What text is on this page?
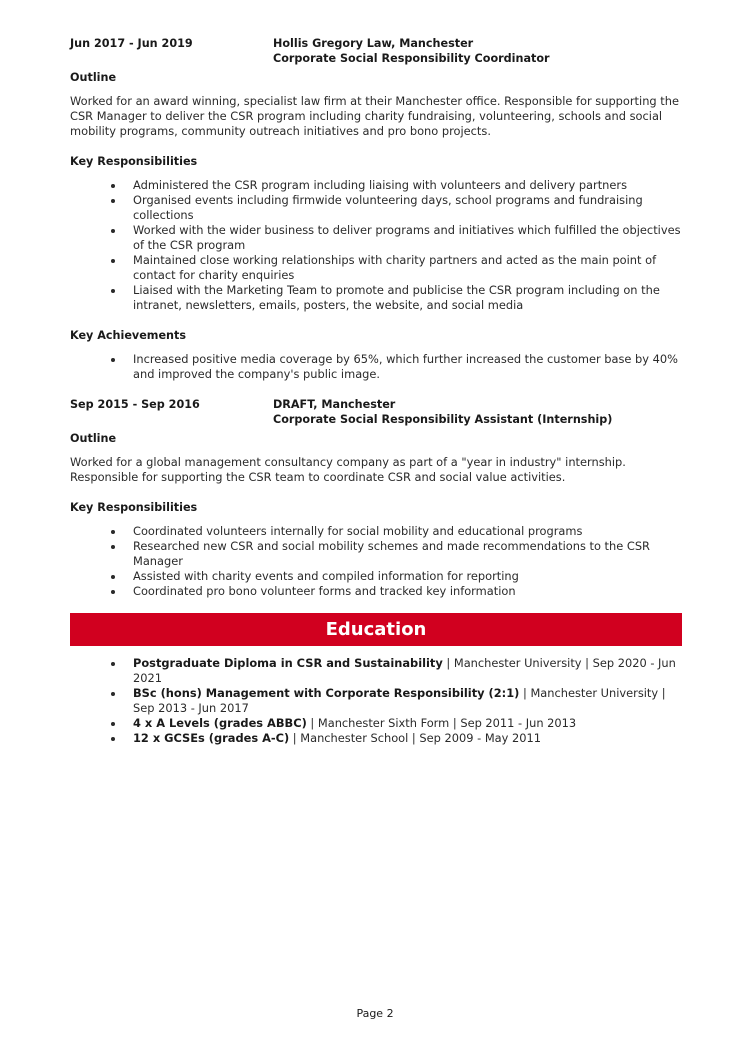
Jun 2017 - Jun 2019	Hollis Gregory Law, Manchester
Corporate Social Responsibility Coordinator
Outline

Worked for an award winning, specialist law firm at their Manchester office. Responsible for supporting the CSR Manager to deliver the CSR program including charity fundraising, volunteering, schools and social mobility programs, community outreach initiatives and pro bono projects.

Key Responsibilities
Administered the CSR program including liaising with volunteers and delivery partners
Organised events including firmwide volunteering days, school programs and fundraising collections
Worked with the wider business to deliver programs and initiatives which fulfilled the objectives of the CSR program
Maintained close working relationships with charity partners and acted as the main point of contact for charity enquiries
Liaised with the Marketing Team to promote and publicise the CSR program including on the intranet, newsletters, emails, posters, the website, and social media
Key Achievements
Increased positive media coverage by 65%, which further increased the customer base by 40% and improved the company's public image.
Sep 2015 - Sep 2016	DRAFT, Manchester
Corporate Social Responsibility Assistant (Internship)
Outline

Worked for a global management consultancy company as part of a "year in industry" internship. Responsible for supporting the CSR team to coordinate CSR and social value activities.

Key Responsibilities
Coordinated volunteers internally for social mobility and educational programs
Researched new CSR and social mobility schemes and made recommendations to the CSR Manager
Assisted with charity events and compiled information for reporting
Coordinated pro bono volunteer forms and tracked key information
Education
Postgraduate Diploma in CSR and Sustainability | Manchester University | Sep 2020 - Jun 2021
BSc (hons) Management with Corporate Responsibility (2:1) | Manchester University | Sep 2013 - Jun 2017
4 x A Levels (grades ABBC) | Manchester Sixth Form | Sep 2011 - Jun 2013
12 x GCSEs (grades A-C) | Manchester School | Sep 2009 - May 2011
Page 2
